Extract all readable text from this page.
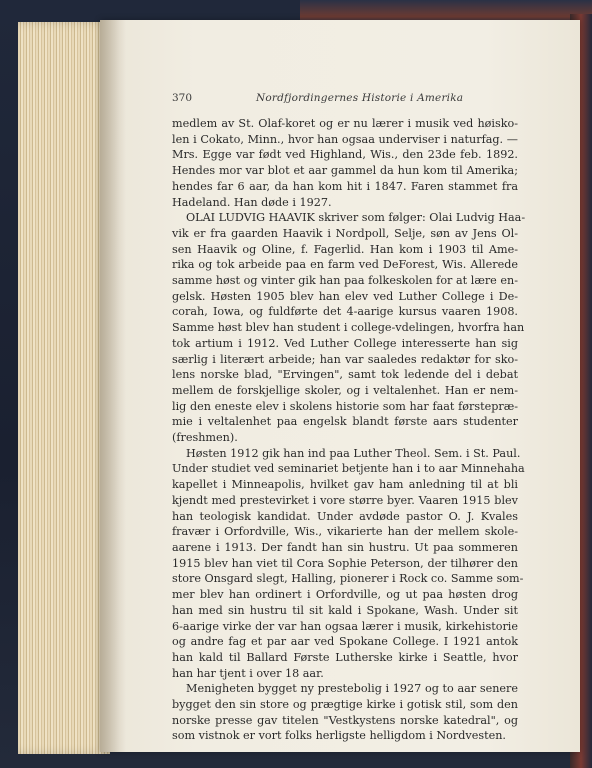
370	Nordfjordingernes Historie i Amerika
medlem av St. Olaf-koret og er nu lærer i musik ved høisko-
len i Cokato, Minn., hvor han ogsaa underviser i naturfag. —
Mrs. Egge var født ved Highland, Wis., den 23de feb. 1892.
Hendes mor var blot et aar gammel da hun kom til Amerika;
hendes far 6 aar, da han kom hit i 1847. Faren stammet fra
Hadeland. Han døde i 1927.
OLAI LUDVIG HAAVIK skriver som følger: Olai Ludvig Haa-
vik er fra gaarden Haavik i Nordpoll, Selje, søn av Jens Ol-
sen Haavik og Oline, f. Fagerlid. Han kom i 1903 til Ame-
rika og tok arbeide paa en farm ved DeForest, Wis. Allerede
samme høst og vinter gik han paa folkeskolen for at lære en-
gelsk. Høsten 1905 blev han elev ved Luther College i De-
corah, Iowa, og fuldførte det 4-aarige kursus vaaren 1908.
Samme høst blev han student i college-vdelingen, hvorfra han
tok artium i 1912. Ved Luther College interesserte han sig
særlig i literært arbeide; han var saaledes redaktør for sko-
lens norske blad, "Ervingen", samt tok ledende del i debat
mellem de forskjellige skoler, og i veltalenhet. Han er nem-
lig den eneste elev i skolens historie som har faat førstepræ-
mie i veltalenhet paa engelsk blandt første aars studenter
(freshmen).
Høsten 1912 gik han ind paa Luther Theol. Sem. i St. Paul.
Under studiet ved seminariet betjente han i to aar Minnehaha
kapellet i Minneapolis, hvilket gav ham anledning til at bli
kjendt med prestevirket i vore større byer. Vaaren 1915 blev
han teologisk kandidat. Under avdøde pastor O. J. Kvales
fravær i Orfordville, Wis., vikarierte han der mellem skole-
aarene i 1913. Der fandt han sin hustru. Ut paa sommeren
1915 blev han viet til Cora Sophie Peterson, der tilhører den
store Onsgard slegt, Halling, pionerer i Rock co. Samme som-
mer blev han ordinert i Orfordville, og ut paa høsten drog
han med sin hustru til sit kald i Spokane, Wash. Under sit
6-aarige virke der var han ogsaa lærer i musik, kirkehistorie
og andre fag et par aar ved Spokane College. I 1921 antok
han kald til Ballard Første Lutherske kirke i Seattle, hvor
han har tjent i over 18 aar.
Menigheten bygget ny prestebolig i 1927 og to aar senere
bygget den sin store og prægtige kirke i gotisk stil, som den
norske presse gav titelen "Vestkystens norske katedral", og
som vistnok er vort folks herligste helligdom i Nordvesten.
